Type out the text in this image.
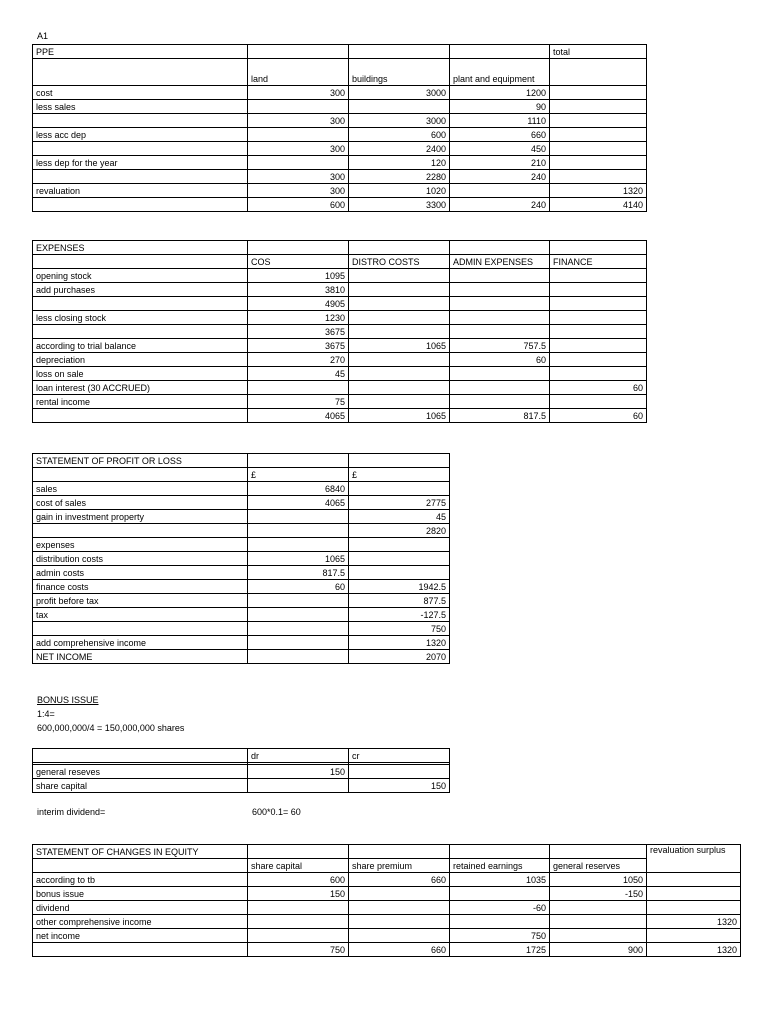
A1
PPE				total
	land	buildings	plant and equipment	
cost	300	3000	1200	
less sales			90	
	300	3000	1110	
less acc dep		600	660	
	300	2400	450	
less dep for the year		120	210	
	300	2280	240	
revaluation	300	1020		1320
	600	3300	240	4140
EXPENSES				
	COS	DISTRO COSTS	ADMIN EXPENSES	FINANCE
opening stock	1095			
add purchases	3810			
	4905			
less closing stock	1230			
	3675			
according to trial balance	3675	1065	757.5	
depreciation	270		60	
loss on sale	45			
loan interest (30 ACCRUED)				60
rental income	75			
	4065	1065	817.5	60
STATEMENT OF PROFIT OR LOSS		
	£	£
sales	6840	
cost of sales	4065	2775
gain in investment property		45
		2820
expenses		
distribution costs	1065	
admin costs	817.5	
finance costs	60	1942.5
profit before tax		877.5
tax		-127.5
		750
add comprehensive income		1320
NET INCOME		2070
BONUS ISSUE
1:4=
600,000,000/4 = 150,000,000 shares
	dr	cr

general reseves	150	
share capital		150
interim dividend=	600*0.1= 60
STATEMENT OF CHANGES IN EQUITY					revaluation surplus
	share capital	share premium	retained earnings	general reserves	
according to tb	600	660	1035	1050	
bonus issue	150			-150	
dividend			-60		
other comprehensive income					1320
net income			750		
	750	660	1725	900	1320
